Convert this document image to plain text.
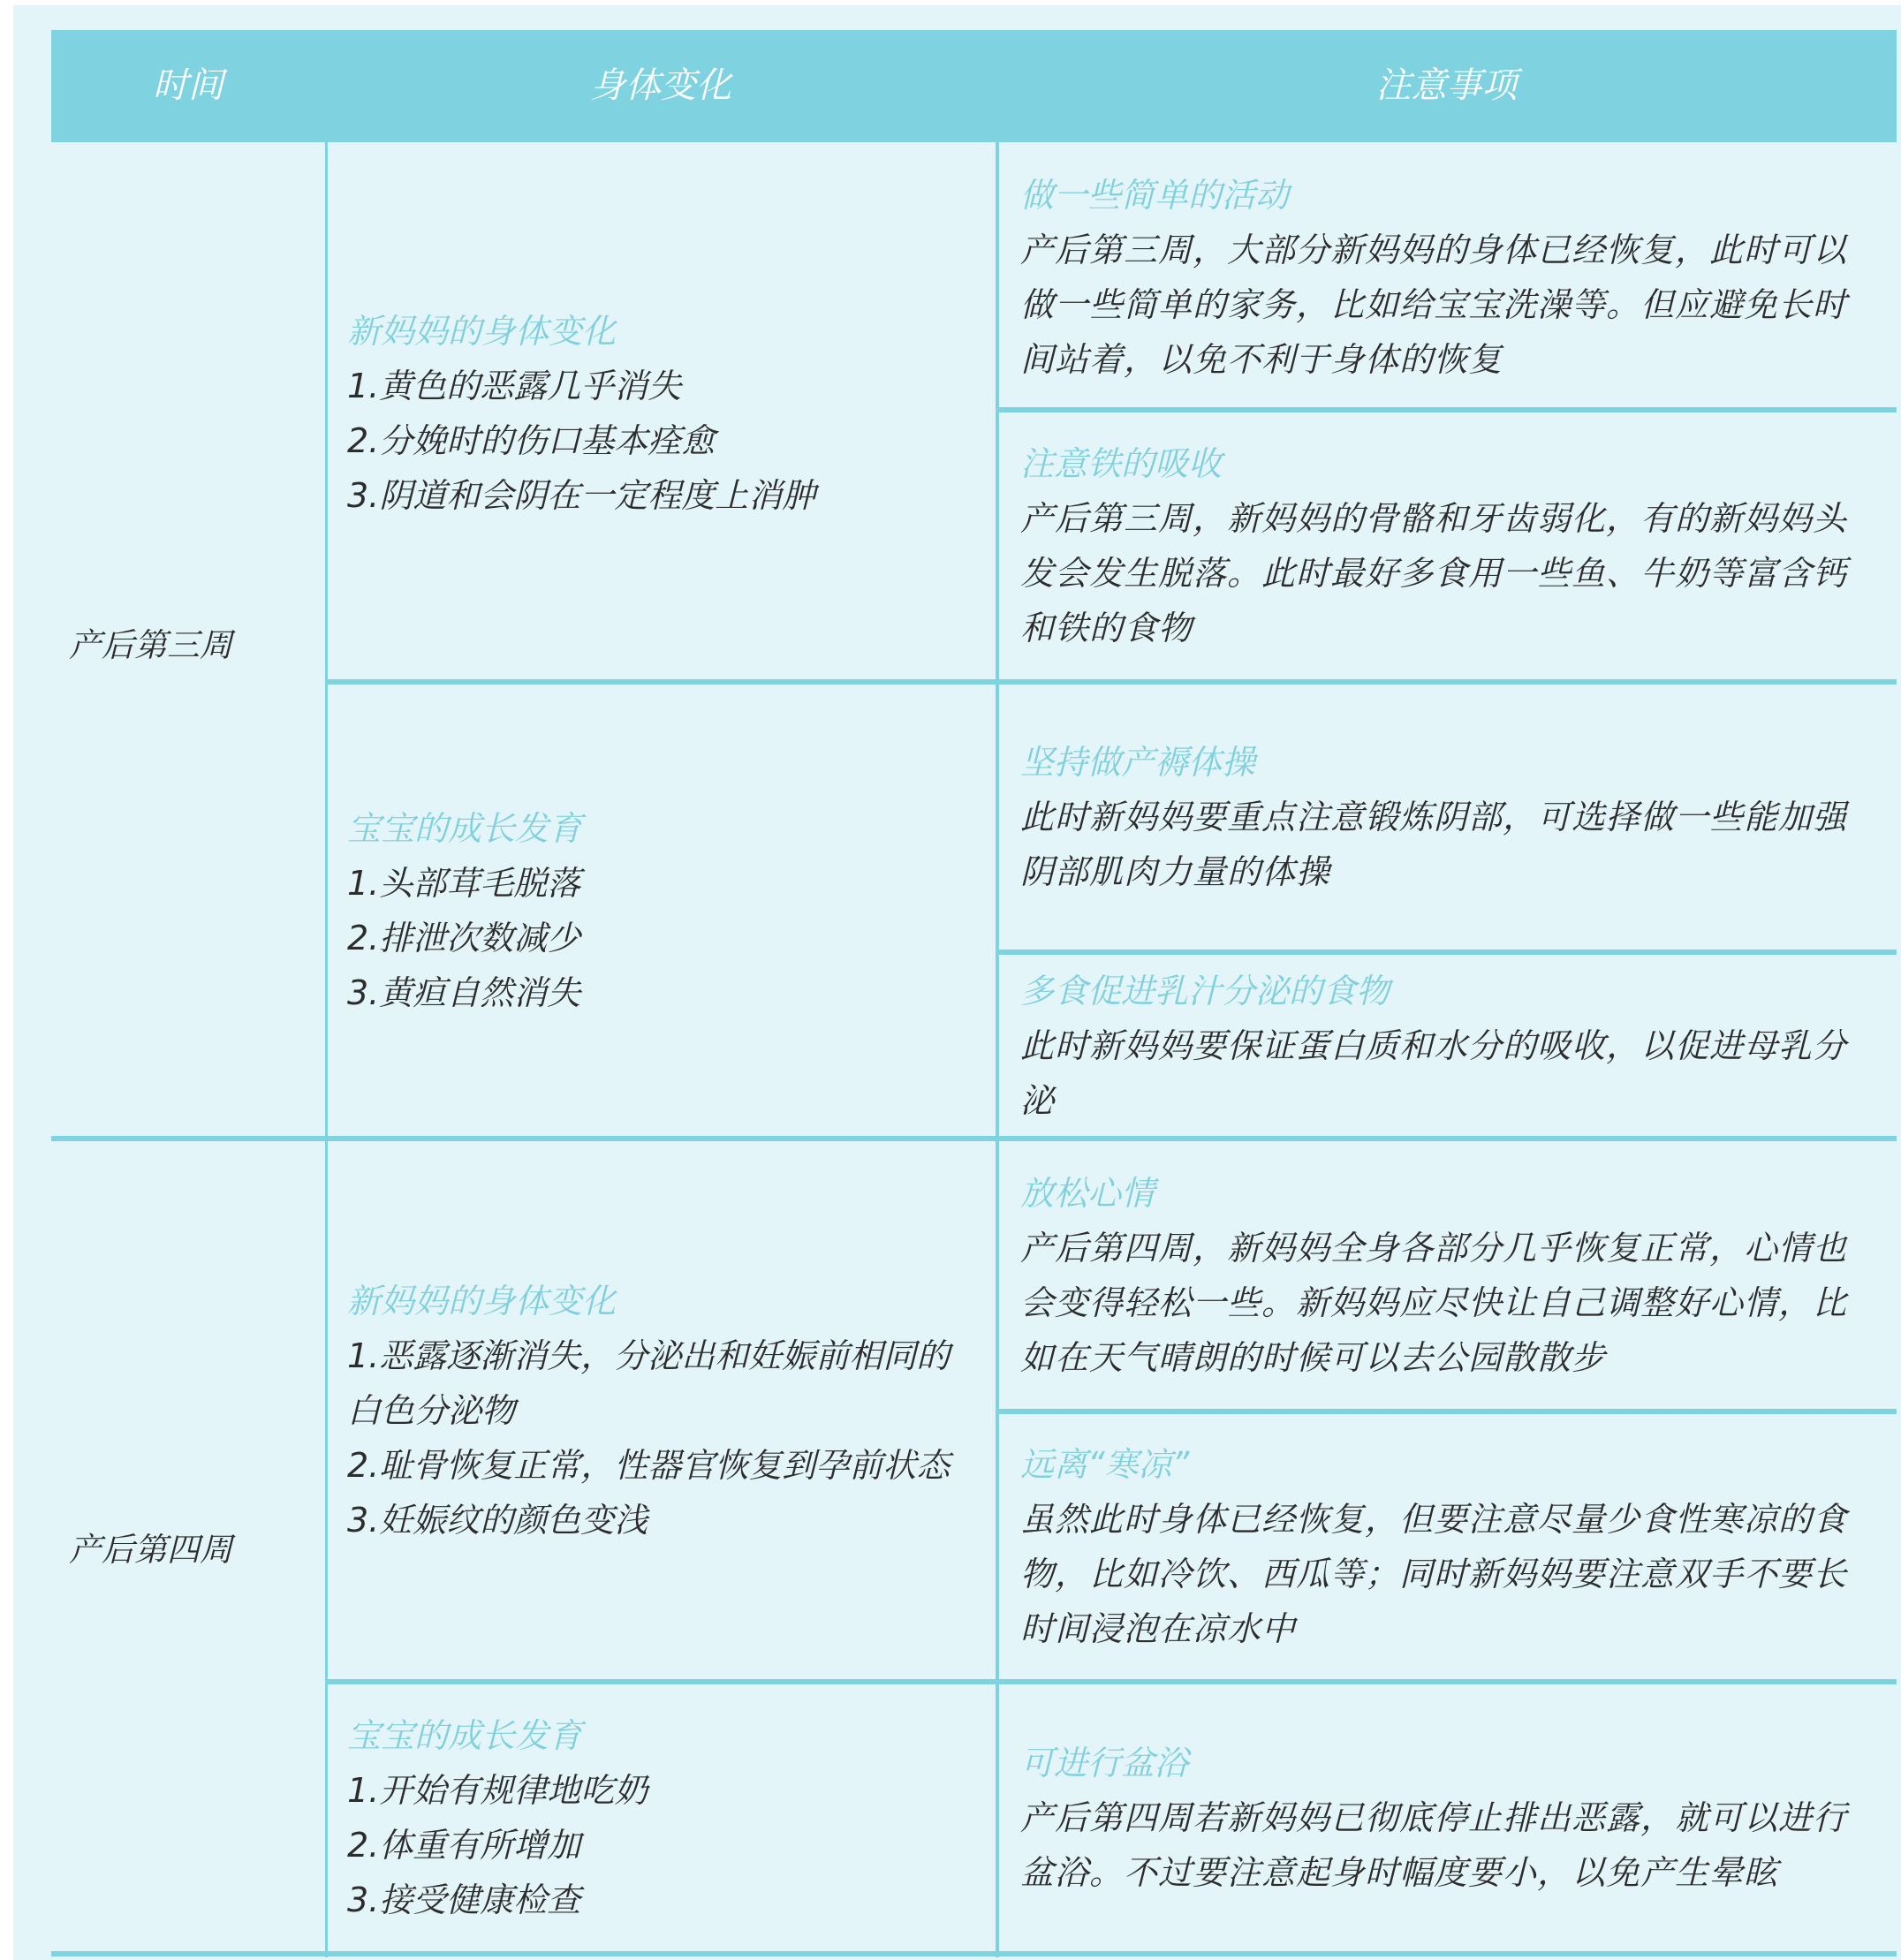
时间	身体变化	注意事项
产后第三周
新妈妈的身体变化
1.黄色的恶露几乎消失
2.分娩时的伤口基本痊愈
3.阴道和会阴在一定程度上消肿
做一些简单的活动
产后第三周，大部分新妈妈的身体已经恢复，此时可以
做一些简单的家务，比如给宝宝洗澡等。但应避免长时
间站着，以免不利于身体的恢复
注意铁的吸收
产后第三周，新妈妈的骨骼和牙齿弱化，有的新妈妈头
发会发生脱落。此时最好多食用一些鱼、牛奶等富含钙
和铁的食物
宝宝的成长发育
1.头部茸毛脱落
2.排泄次数减少
3.黄疸自然消失
坚持做产褥体操
此时新妈妈要重点注意锻炼阴部，可选择做一些能加强
阴部肌肉力量的体操
多食促进乳汁分泌的食物
此时新妈妈要保证蛋白质和水分的吸收，以促进母乳分
泌
产后第四周
新妈妈的身体变化
1.恶露逐渐消失，分泌出和妊娠前相同的
白色分泌物
2.耻骨恢复正常，性器官恢复到孕前状态
3.妊娠纹的颜色变浅
放松心情
产后第四周，新妈妈全身各部分几乎恢复正常，心情也
会变得轻松一些。新妈妈应尽快让自己调整好心情，比
如在天气晴朗的时候可以去公园散散步
远离“寒凉”
虽然此时身体已经恢复，但要注意尽量少食性寒凉的食
物，比如冷饮、西瓜等；同时新妈妈要注意双手不要长
时间浸泡在凉水中
宝宝的成长发育
1.开始有规律地吃奶
2.体重有所增加
3.接受健康检查
可进行盆浴
产后第四周若新妈妈已彻底停止排出恶露，就可以进行
盆浴。不过要注意起身时幅度要小，以免产生晕眩
